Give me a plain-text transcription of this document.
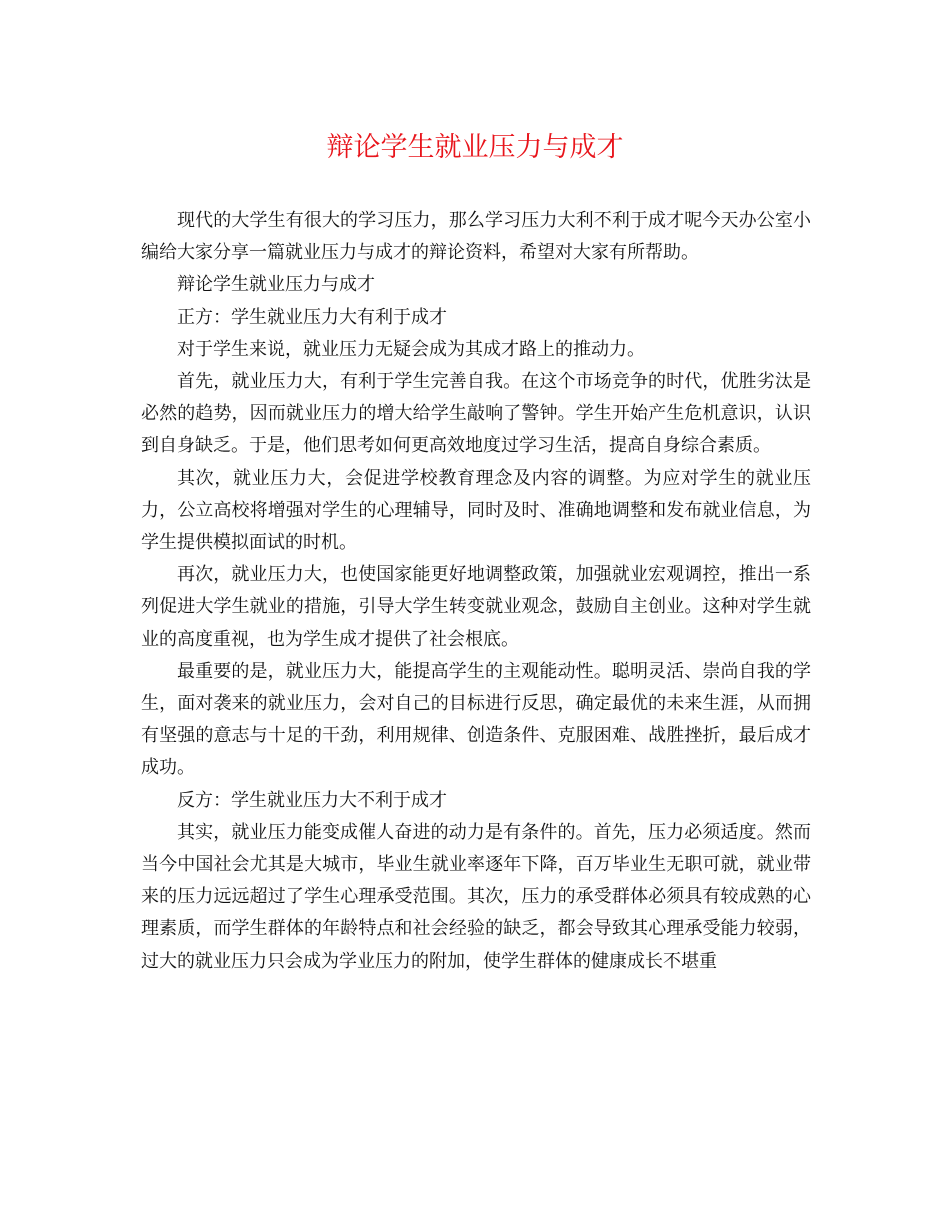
辩论学生就业压力与成才

现代的大学生有很大的学习压力，那么学习压力大利不利于成才呢今天办公室小编给大家分享一篇就业压力与成才的辩论资料，希望对大家有所帮助。

辩论学生就业压力与成才

正方：学生就业压力大有利于成才

对于学生来说，就业压力无疑会成为其成才路上的推动力。

首先，就业压力大，有利于学生完善自我。在这个市场竞争的时代，优胜劣汰是必然的趋势，因而就业压力的增大给学生敲响了警钟。学生开始产生危机意识，认识到自身缺乏。于是，他们思考如何更高效地度过学习生活，提高自身综合素质。

其次，就业压力大，会促进学校教育理念及内容的调整。为应对学生的就业压力，公立高校将增强对学生的心理辅导，同时及时、准确地调整和发布就业信息，为学生提供模拟面试的时机。

再次，就业压力大，也使国家能更好地调整政策，加强就业宏观调控，推出一系列促进大学生就业的措施，引导大学生转变就业观念，鼓励自主创业。这种对学生就业的高度重视，也为学生成才提供了社会根底。

最重要的是，就业压力大，能提高学生的主观能动性。聪明灵活、崇尚自我的学生，面对袭来的就业压力，会对自己的目标进行反思，确定最优的未来生涯，从而拥有坚强的意志与十足的干劲，利用规律、创造条件、克服困难、战胜挫折，最后成才成功。

反方：学生就业压力大不利于成才

其实，就业压力能变成催人奋进的动力是有条件的。首先，压力必须适度。然而当今中国社会尤其是大城市，毕业生就业率逐年下降，百万毕业生无职可就，就业带来的压力远远超过了学生心理承受范围。其次，压力的承受群体必须具有较成熟的心理素质，而学生群体的年龄特点和社会经验的缺乏，都会导致其心理承受能力较弱，过大的就业压力只会成为学业压力的附加，使学生群体的健康成长不堪重
